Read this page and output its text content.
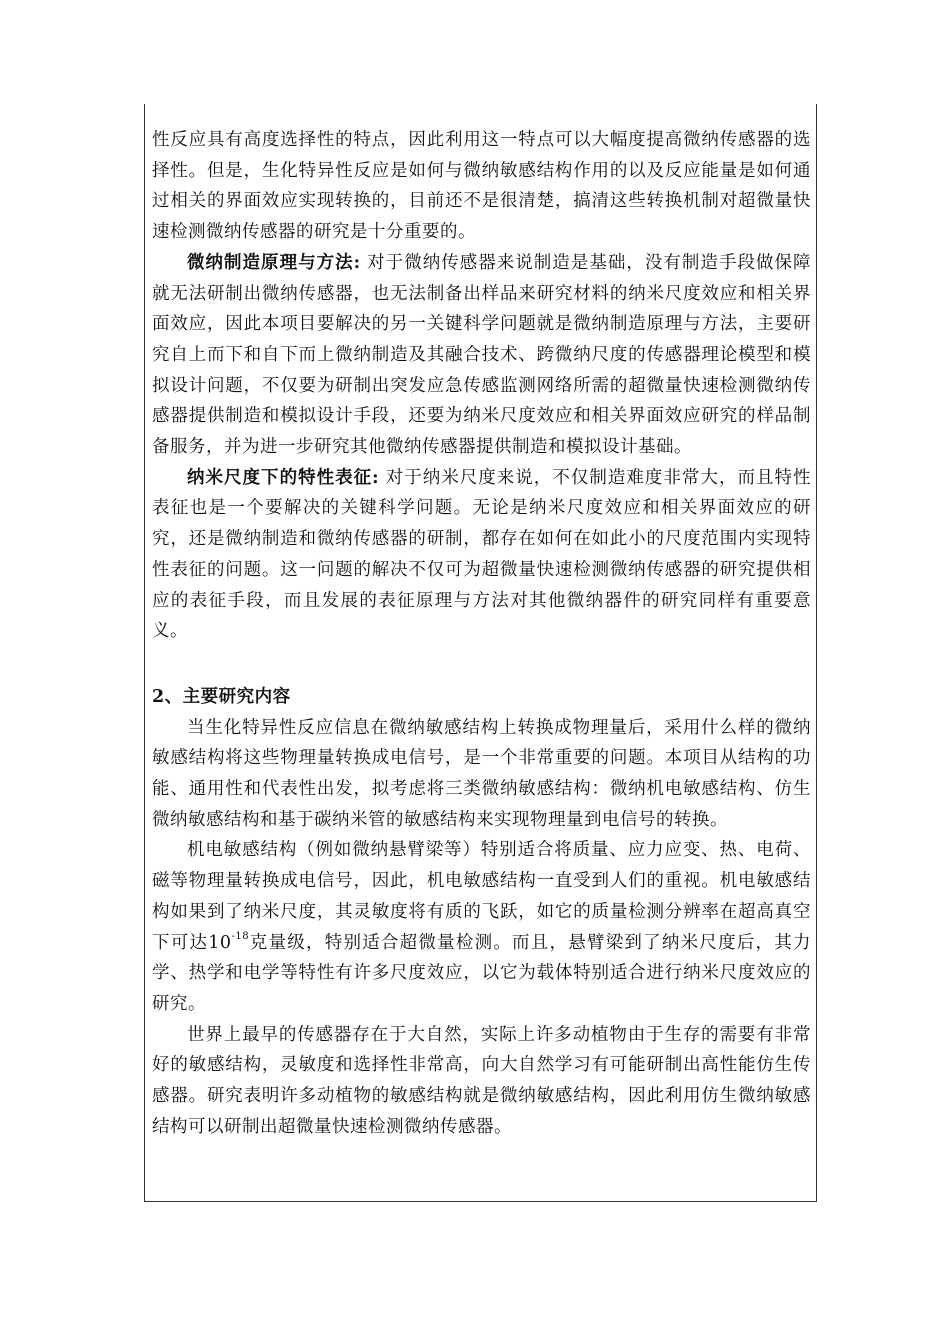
性反应具有高度选择性的特点，因此利用这一特点可以大幅度提高微纳传感器的选择性。但是，生化特异性反应是如何与微纳敏感结构作用的以及反应能量是如何通过相关的界面效应实现转换的，目前还不是很清楚，搞清这些转换机制对超微量快速检测微纳传感器的研究是十分重要的。

微纳制造原理与方法: 对于微纳传感器来说制造是基础，没有制造手段做保障就无法研制出微纳传感器，也无法制备出样品来研究材料的纳米尺度效应和相关界面效应，因此本项目要解决的另一关键科学问题就是微纳制造原理与方法，主要研究自上而下和自下而上微纳制造及其融合技术、跨微纳尺度的传感器理论模型和模拟设计问题，不仅要为研制出突发应急传感监测网络所需的超微量快速检测微纳传感器提供制造和模拟设计手段，还要为纳米尺度效应和相关界面效应研究的样品制备服务，并为进一步研究其他微纳传感器提供制造和模拟设计基础。

纳米尺度下的特性表征: 对于纳米尺度来说，不仅制造难度非常大，而且特性表征也是一个要解决的关键科学问题。无论是纳米尺度效应和相关界面效应的研究，还是微纳制造和微纳传感器的研制，都存在如何在如此小的尺度范围内实现特性表征的问题。这一问题的解决不仅可为超微量快速检测微纳传感器的研究提供相应的表征手段，而且发展的表征原理与方法对其他微纳器件的研究同样有重要意义。

2、主要研究内容

当生化特异性反应信息在微纳敏感结构上转换成物理量后，采用什么样的微纳敏感结构将这些物理量转换成电信号，是一个非常重要的问题。本项目从结构的功能、通用性和代表性出发，拟考虑将三类微纳敏感结构：微纳机电敏感结构、仿生微纳敏感结构和基于碳纳米管的敏感结构来实现物理量到电信号的转换。

机电敏感结构（例如微纳悬臂梁等）特别适合将质量、应力应变、热、电荷、磁等物理量转换成电信号，因此，机电敏感结构一直受到人们的重视。机电敏感结构如果到了纳米尺度，其灵敏度将有质的飞跃，如它的质量检测分辨率在超高真空下可达$10^{-18}$克量级，特别适合超微量检测。而且，悬臂梁到了纳米尺度后，其力学、热学和电学等特性有许多尺度效应，以它为载体特别适合进行纳米尺度效应的研究。

世界上最早的传感器存在于大自然，实际上许多动植物由于生存的需要有非常好的敏感结构，灵敏度和选择性非常高，向大自然学习有可能研制出高性能仿生传感器。研究表明许多动植物的敏感结构就是微纳敏感结构，因此利用仿生微纳敏感结构可以研制出超微量快速检测微纳传感器。
